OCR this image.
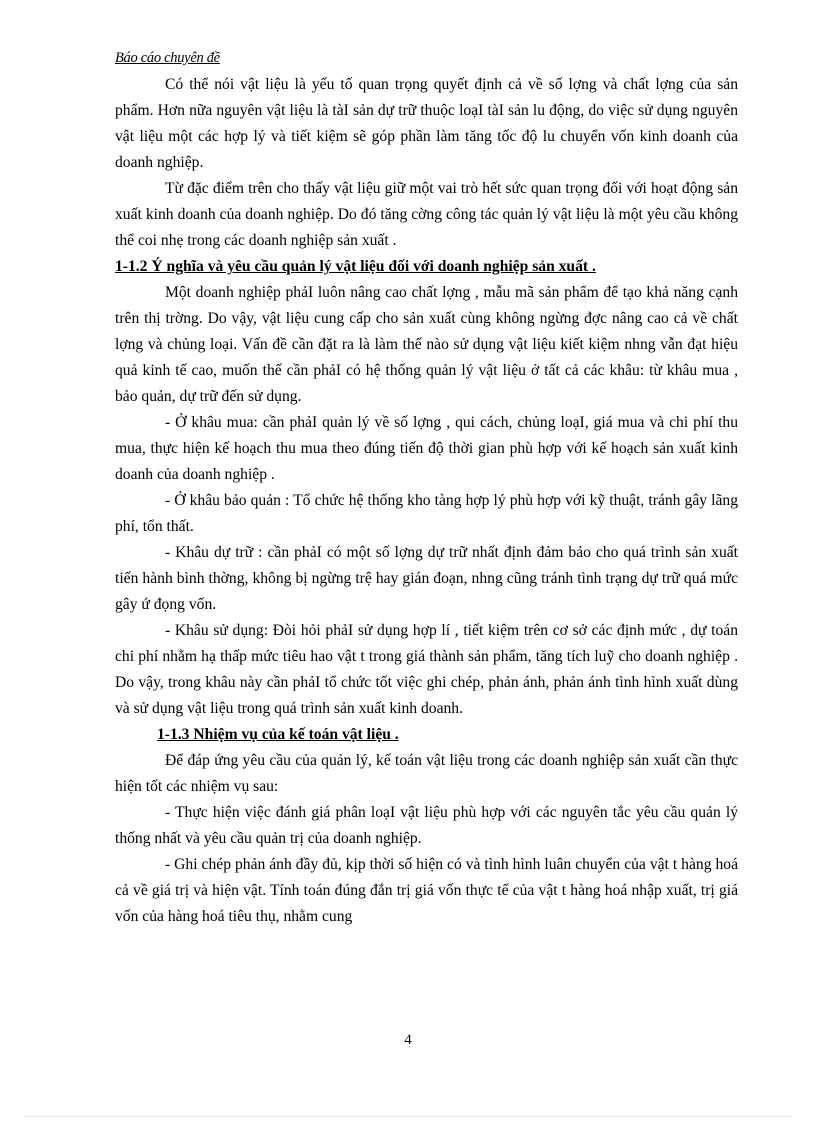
Báo cáo chuyên đề

Có thể nói vật liệu là yếu tố quan trọng quyết định cả về số lợng và chất lợng của sản phẩm. Hơn nữa nguyên vật liệu là tàI sản dự trữ thuộc loạI tàI sản lu động, do việc sử dụng nguyên vật liệu một các hợp lý và tiết kiệm sẽ góp phần làm tăng tốc độ lu chuyển vốn kinh doanh của doanh nghiệp.

Từ đặc điểm trên cho thấy vật liệu giữ một vai trò hết sức quan trọng đối với hoạt động sản xuất kinh doanh của doanh nghiệp. Do đó tăng cờng công tác quản lý vật liệu là một yêu cầu không thể coi nhẹ trong các doanh nghiệp sản xuất .

1-1.2 Ý nghĩa và yêu cầu quản lý vật liệu đối với doanh nghiệp sản xuất .

Một doanh nghiệp phảI luôn nâng cao chất lợng , mẫu mã sản phẩm để tạo khả năng cạnh trên thị trờng. Do vậy, vật liệu cung cấp cho sản xuất cùng không ngừng đợc nâng cao cả về chất lợng và chủng loại. Vấn đề cần đặt ra là làm thế nào sử dụng vật liệu kiết kiệm nhng vẫn đạt hiệu quả kinh tế cao, muốn thế cần phảI có hệ thống quản lý vật liệu ở tất cả các khâu: từ khâu mua , bảo quản, dự trữ đến sử dụng.

- Ở khâu mua: cần phảI quản lý về số lợng , qui cách, chủng loạI, giá mua và chi phí thu mua, thực hiện kế hoạch thu mua theo đúng tiến độ thời gian phù hợp với kế hoạch sản xuất kinh doanh của doanh nghiệp .

- Ở khâu bảo quản : Tổ chức hệ thống kho tàng hợp lý phù hợp với kỹ thuật, tránh gây lãng phí, tổn thất.

- Khâu dự trữ : cần phảI có một số lợng dự trữ nhất định đảm bảo cho quá trình sản xuất tiến hành bình thờng, không bị ngừng trệ hay gián đoạn, nhng cũng tránh tình trạng dự trữ quá mức gây ứ đọng vốn.

- Khâu sử dụng: Đòi hỏi phảI sử dụng hợp lí , tiết kiệm trên cơ sở các định mức , dự toán chi phí nhằm hạ thấp mức tiêu hao vật t trong giá thành sản phẩm, tăng tích luỹ cho doanh nghiệp . Do vậy, trong khâu này cần phảI tổ chức tốt việc ghi chép, phản ánh, phản ánh tình hình xuất dùng và sử dụng vật liệu trong quá trình sản xuất kinh doanh.

1-1.3 Nhiệm vụ của kế toán vật liệu .

Để đáp ứng yêu cầu của quản lý, kế toán vật liệu trong các doanh nghiệp sản xuất cần thực hiện tốt các nhiệm vụ sau:

- Thực hiện việc đánh giá phân loạI vật liệu phù hợp với các nguyên tắc yêu cầu quản lý thống nhất và yêu cầu quản trị của doanh nghiệp.

- Ghi chép phản ánh đầy đủ, kịp thời số hiện có và tình hình luân chuyển của vật t hàng hoá cả về giá trị và hiện vật. Tính toán đúng đắn trị giá vốn thực tế của vật t hàng hoá nhập xuất, trị giá vốn của hàng hoá tiêu thụ, nhằm cung

4
